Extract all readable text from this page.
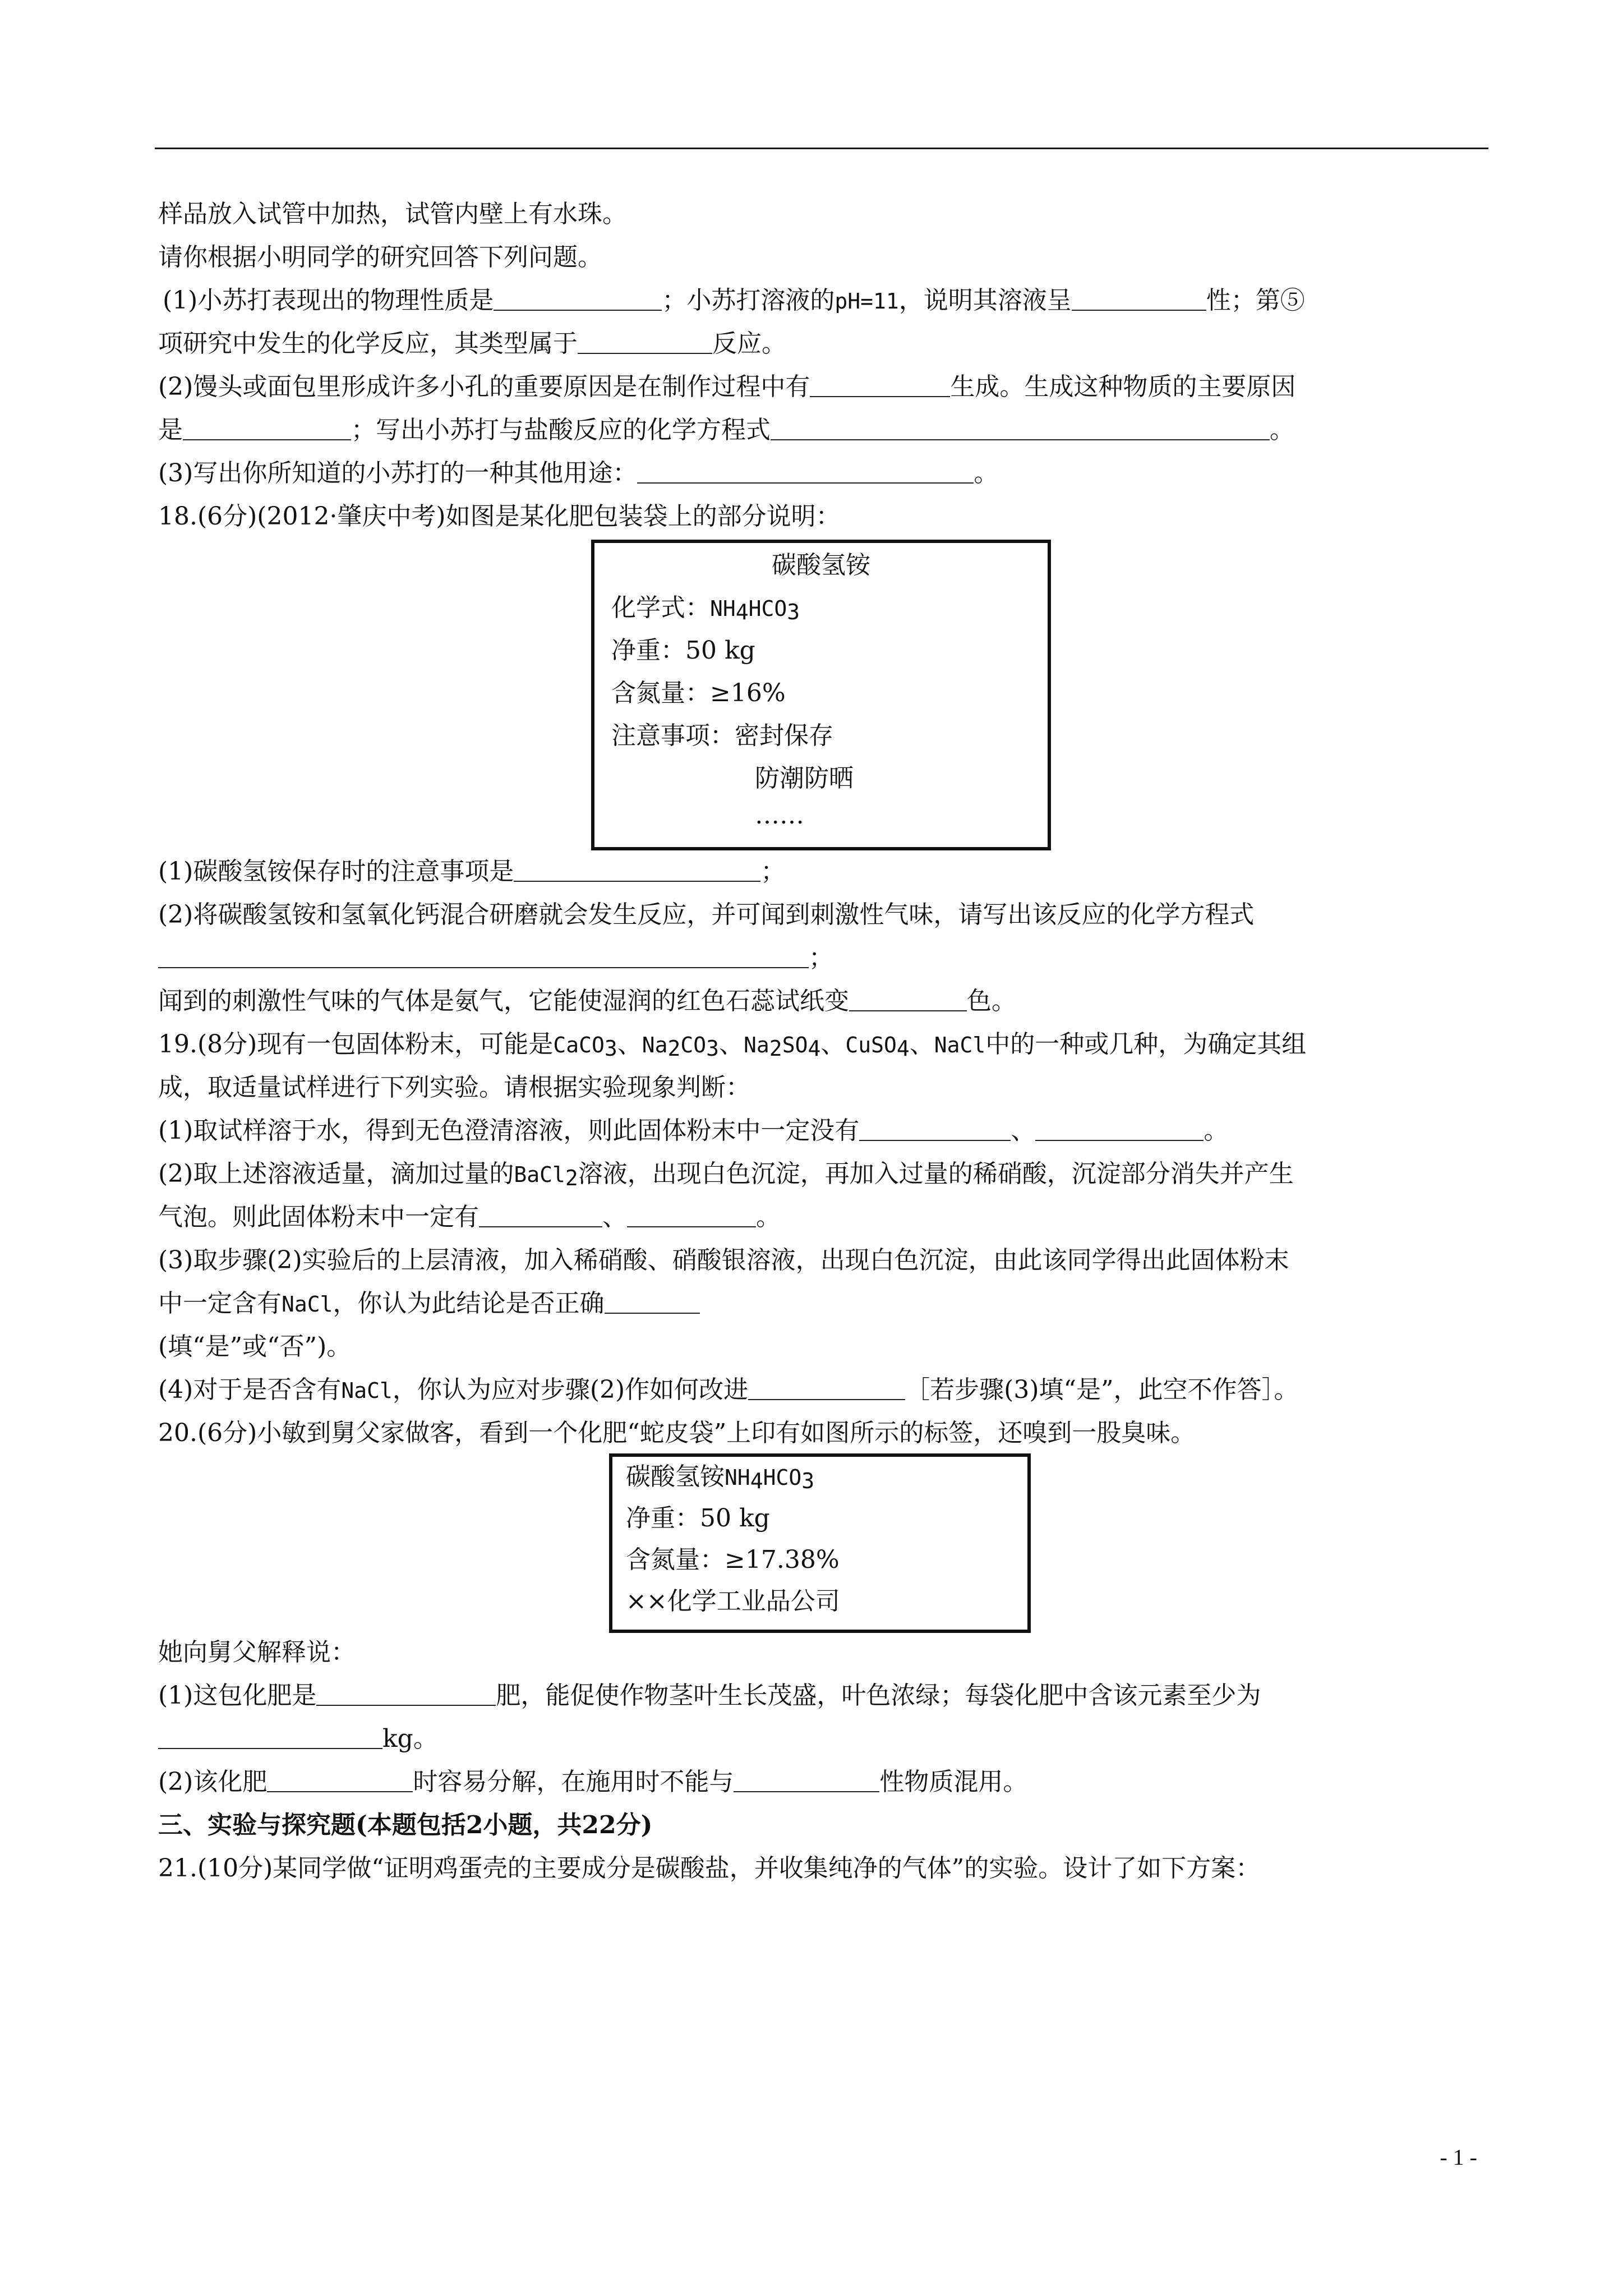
样品放入试管中加热，试管内壁上有水珠。
请你根据小明同学的研究回答下列问题。
(1)小苏打表现出的物理性质是	；小苏打溶液的pH=11，说明其溶液呈	性；第⑤
项研究中发生的化学反应，其类型属于	反应。
(2)馒头或面包里形成许多小孔的重要原因是在制作过程中有	生成。生成这种物质的主要原因
是	；写出小苏打与盐酸反应的化学方程式	。
(3)写出你所知道的小苏打的一种其他用途：	。
18.(6分)(2012·肇庆中考)如图是某化肥包装袋上的部分说明：
碳酸氢铵
化学式：$NH_4HCO_3$
净重：50 kg
含氮量：≥16%
注意事项：密封保存
防潮防晒
……
(1)碳酸氢铵保存时的注意事项是	；
(2)将碳酸氢铵和氢氧化钙混合研磨就会发生反应，并可闻到刺激性气味，请写出该反应的化学方程式
；
闻到的刺激性气味的气体是氨气，它能使湿润的红色石蕊试纸变	色。
19.(8分)现有一包固体粉末，可能是CaCO$_3$、$Na_2CO_3$、$Na_2SO_4$、CuSO$_4$、NaCl中的一种或几种，为确定其组
成，取适量试样进行下列实验。请根据实验现象判断：
(1)取试样溶于水，得到无色澄清溶液，则此固体粉末中一定没有	、	。
(2)取上述溶液适量，滴加过量的BaCl$_2$溶液，出现白色沉淀，再加入过量的稀硝酸，沉淀部分消失并产生
气泡。则此固体粉末中一定有	、	。
(3)取步骤(2)实验后的上层清液，加入稀硝酸、硝酸银溶液，出现白色沉淀，由此该同学得出此固体粉末
中一定含有NaCl，你认为此结论是否正确
(填“是”或“否”)。
(4)对于是否含有NaCl，你认为应对步骤(2)作如何改进	［若步骤(3)填“是”，此空不作答］。
20.(6分)小敏到舅父家做客，看到一个化肥“蛇皮袋”上印有如图所示的标签，还嗅到一股臭味。
碳酸氢铵$NH_4HCO_3$
净重：50 kg
含氮量：≥17.38%
××化学工业品公司
她向舅父解释说：
(1)这包化肥是	肥，能促使作物茎叶生长茂盛，叶色浓绿；每袋化肥中含该元素至少为
kg。
(2)该化肥	时容易分解，在施用时不能与	性物质混用。
三、实验与探究题(本题包括2小题，共22分)
21.(10分)某同学做“证明鸡蛋壳的主要成分是碳酸盐，并收集纯净的气体”的实验。设计了如下方案：
- 1 -
